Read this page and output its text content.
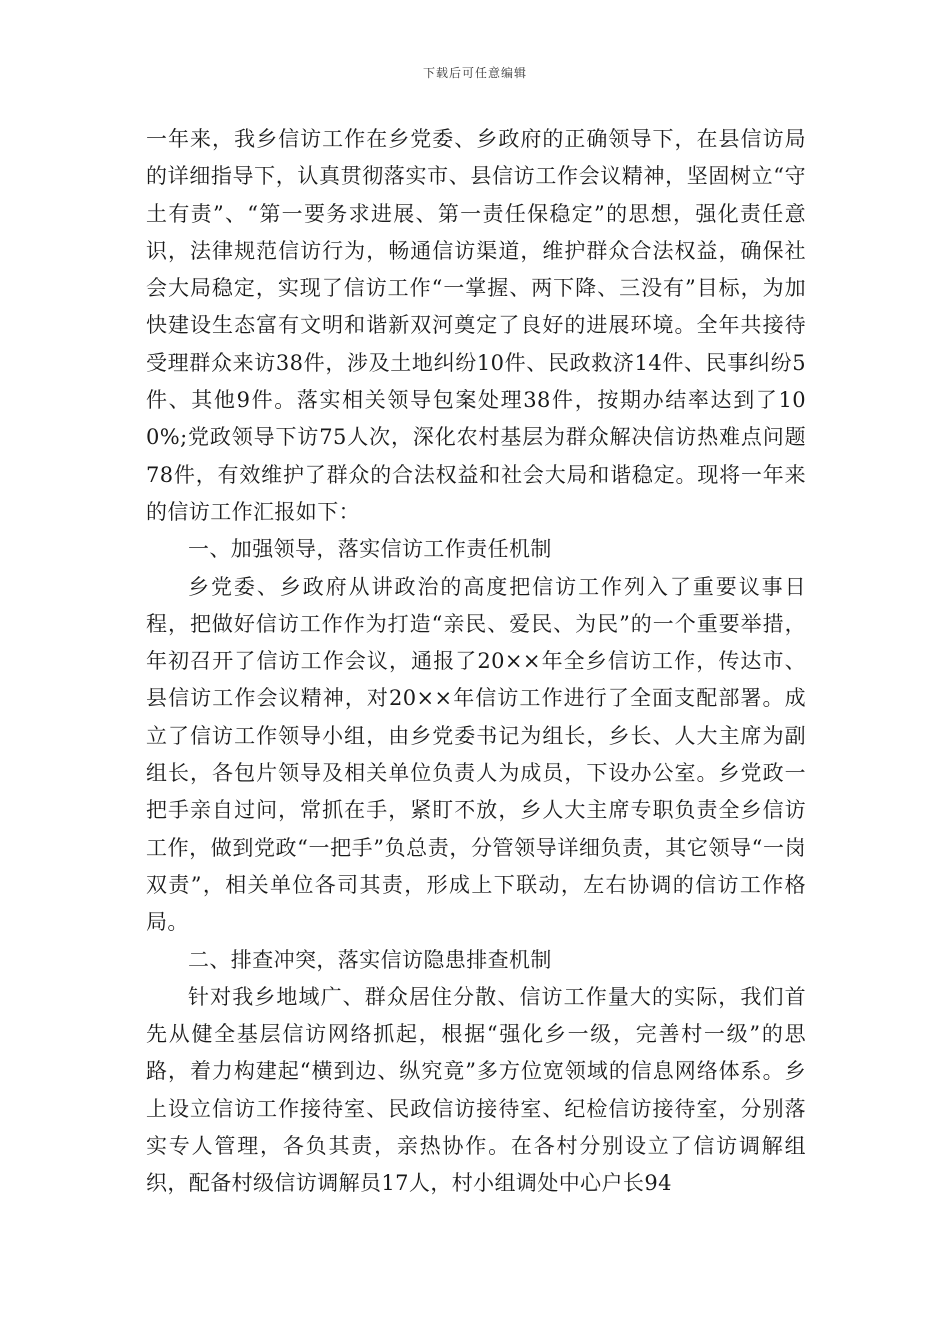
下载后可任意编辑

一年来，我乡信访工作在乡党委、乡政府的正确领导下，在县信访局的详细指导下，认真贯彻落实市、县信访工作会议精神，坚固树立“守土有责”、“第一要务求进展、第一责任保稳定”的思想，强化责任意识，法律规范信访行为，畅通信访渠道，维护群众合法权益，确保社会大局稳定，实现了信访工作“一掌握、两下降、三没有”目标，为加快建设生态富有文明和谐新双河奠定了良好的进展环境。全年共接待受理群众来访38件，涉及土地纠纷10件、民政救济14件、民事纠纷5件、其他9件。落实相关领导包案处理38件，按期办结率达到了100%;党政领导下访75人次，深化农村基层为群众解决信访热难点问题78件，有效维护了群众的合法权益和社会大局和谐稳定。现将一年来的信访工作汇报如下：

一、加强领导，落实信访工作责任机制

乡党委、乡政府从讲政治的高度把信访工作列入了重要议事日程，把做好信访工作作为打造“亲民、爱民、为民”的一个重要举措，年初召开了信访工作会议，通报了20××年全乡信访工作，传达市、县信访工作会议精神，对20××年信访工作进行了全面支配部署。成立了信访工作领导小组，由乡党委书记为组长，乡长、人大主席为副组长，各包片领导及相关单位负责人为成员，下设办公室。乡党政一把手亲自过问，常抓在手，紧盯不放，乡人大主席专职负责全乡信访工作，做到党政“一把手”负总责，分管领导详细负责，其它领导“一岗双责”，相关单位各司其责，形成上下联动，左右协调的信访工作格局。

二、排查冲突，落实信访隐患排查机制

针对我乡地域广、群众居住分散、信访工作量大的实际，我们首先从健全基层信访网络抓起，根据“强化乡一级，完善村一级”的思路，着力构建起“横到边、纵究竟”多方位宽领域的信息网络体系。乡上设立信访工作接待室、民政信访接待室、纪检信访接待室，分别落实专人管理，各负其责，亲热协作。在各村分别设立了信访调解组织，配备村级信访调解员17人，村小组调处中心户长94
